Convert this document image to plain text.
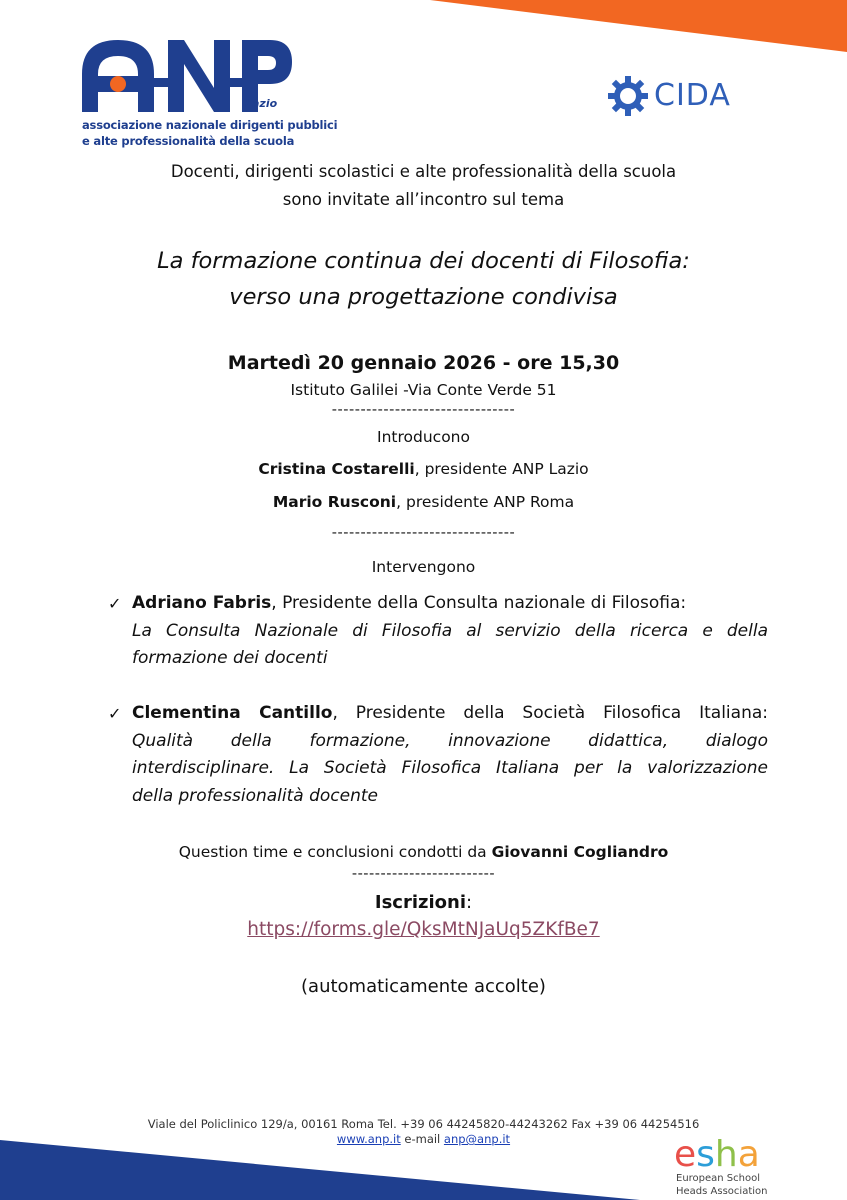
Lazio
associazione nazionale dirigenti pubblici
e alte professionalità della scuola
CIDA
Docenti, dirigenti scolastici e alte professionalità della scuola
sono invitate all’incontro sul tema
La formazione continua dei docenti di Filosofia:
verso una progettazione condivisa
Martedì 20 gennaio 2026 - ore 15,30
Istituto Galilei -Via Conte Verde 51
--------------------------------
Introducono
Cristina Costarelli, presidente ANP Lazio
Mario Rusconi, presidente ANP Roma
--------------------------------
Intervengono
✓ Adriano Fabris, Presidente della Consulta nazionale di Filosofia:
La Consulta Nazionale di Filosofia al servizio della ricerca e della
formazione dei docenti
✓ Clementina Cantillo, Presidente della Società Filosofica Italiana:
Qualità della formazione, innovazione didattica, dialogo
interdisciplinare. La Società Filosofica Italiana per la valorizzazione
della professionalità docente
Question time e conclusioni condotti da Giovanni Cogliandro
-------------------------
Iscrizioni:
https://forms.gle/QksMtNJaUq5ZKfBe7
(automaticamente accolte)
Viale del Policlinico 129/a, 00161 Roma Tel. +39 06 44245820-44243262 Fax +39 06 44254516
www.anp.it e-mail anp@anp.it	esha
European School
Heads Association
